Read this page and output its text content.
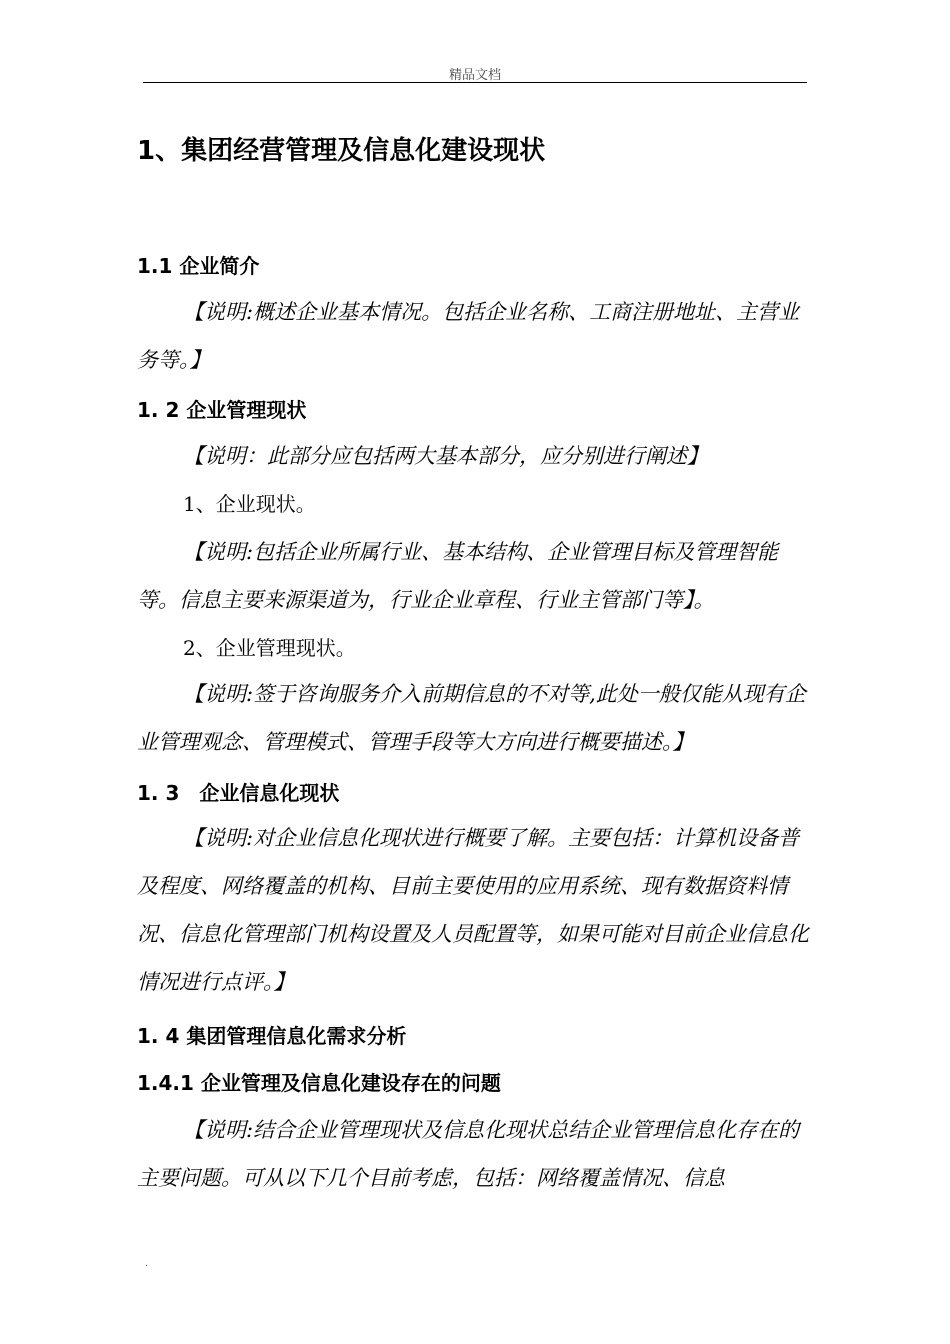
精品文档
1、集团经营管理及信息化建设现状
1.1 企业简介
【说明:概述企业基本情况。包括企业名称、工商注册地址、主营业务等。】
1. 2 企业管理现状
【说明：此部分应包括两大基本部分，应分别进行阐述】
1、企业现状。
【说明:包括企业所属行业、基本结构、企业管理目标及管理智能等。信息主要来源渠道为，行业企业章程、行业主管部门等】。
2、企业管理现状。
【说明:签于咨询服务介入前期信息的不对等,此处一般仅能从现有企业管理观念、管理模式、管理手段等大方向进行概要描述。】
1. 3　企业信息化现状
【说明:对企业信息化现状进行概要了解。主要包括：计算机设备普及程度、网络覆盖的机构、目前主要使用的应用系统、现有数据资料情况、信息化管理部门机构设置及人员配置等，如果可能对目前企业信息化情况进行点评。】
1. 4 集团管理信息化需求分析
1.4.1 企业管理及信息化建设存在的问题
【说明:结合企业管理现状及信息化现状总结企业管理信息化存在的主要问题。可从以下几个目前考虑，包括：网络覆盖情况、信息
.
